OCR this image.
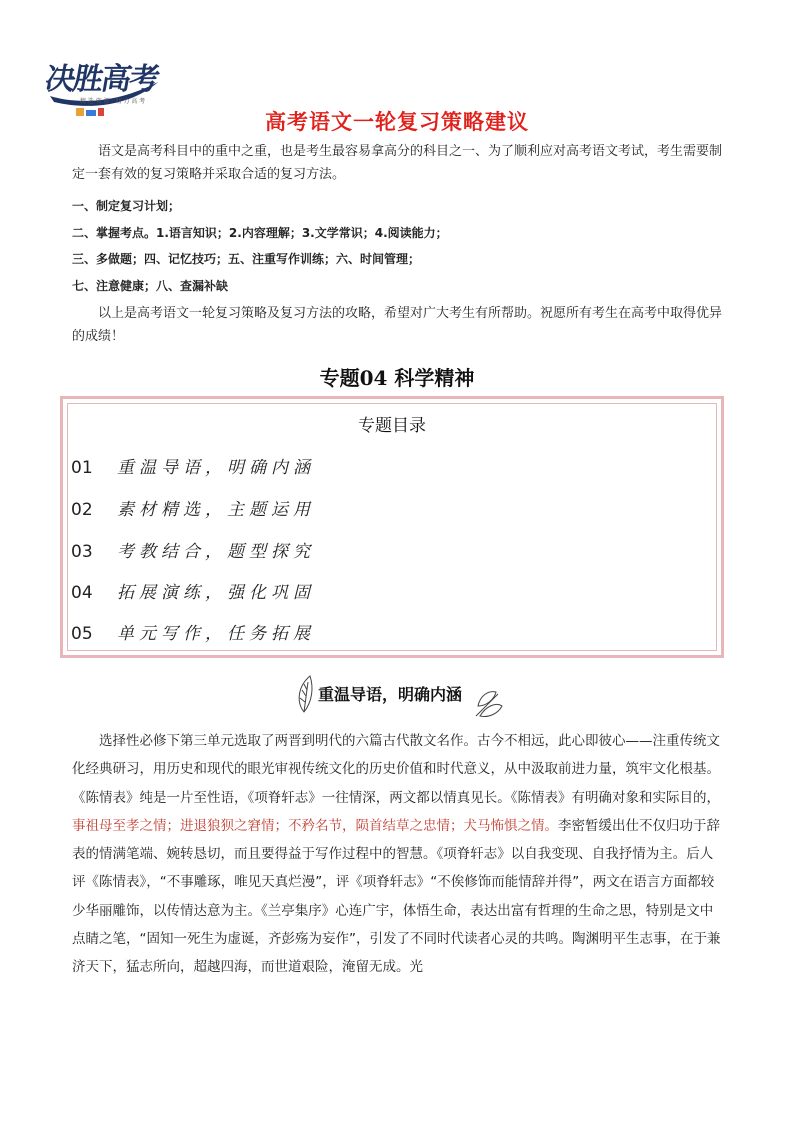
决胜高考
精 选 资 源 · 助 力 高 考
高考语文一轮复习策略建议
语文是高考科目中的重中之重，也是考生最容易拿高分的科目之一、为了顺利应对高考语文考试，考生需要制定一套有效的复习策略并采取合适的复习方法。
一、制定复习计划；
二、掌握考点。1.语言知识；2.内容理解；3.文学常识；4.阅读能力；
三、多做题；四、记忆技巧；五、注重写作训练；六、时间管理；
七、注意健康；八、查漏补缺
以上是高考语文一轮复习策略及复习方法的攻略，希望对广大考生有所帮助。祝愿所有考生在高考中取得优异的成绩！
专题04 科学精神
专题目录
01 重温导语，明确内涵
02 素材精选，主题运用
03 考教结合，题型探究
04 拓展演练，强化巩固
05 单元写作，任务拓展
重温导语，明确内涵
选择性必修下第三单元选取了两晋到明代的六篇古代散文名作。古今不相远，此心即彼心——注重传统文化经典研习，用历史和现代的眼光审视传统文化的历史价值和时代意义，从中汲取前进力量，筑牢文化根基。《陈情表》纯是一片至性语，《项脊轩志》一往情深，两文都以情真见长。《陈情表》有明确对象和实际目的，事祖母至孝之情；进退狼狈之窘情；不矜名节，陨首结草之忠情；犬马怖惧之情。李密暂缓出仕不仅归功于辞表的情满笔端、婉转恳切，而且要得益于写作过程中的智慧。《项脊轩志》以自我变现、自我抒情为主。后人评《陈情表》，“不事雕琢，唯见天真烂漫”，评《项脊轩志》“不俟修饰而能情辞并得”，两文在语言方面都较少华丽雕饰，以传情达意为主。《兰亭集序》心连广宇，体悟生命，表达出富有哲理的生命之思，特别是文中点睛之笔，“固知一死生为虚诞，齐彭殇为妄作”，引发了不同时代读者心灵的共鸣。陶渊明平生志事，在于兼济天下，猛志所向，超越四海，而世道艰险，淹留无成。光
